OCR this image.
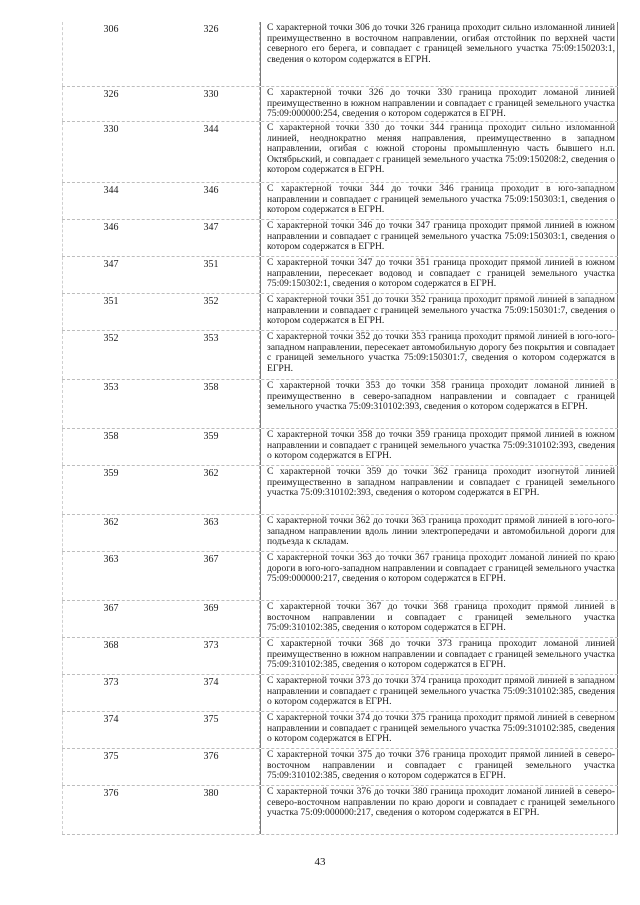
306	326	С характерной точки 306 до точки 326 граница проходит сильно изломанной линией преимущественно в восточном направлении, огибая отстойник по верхней части северного его берега, и совпадает с границей земельного участка 75:09:150203:1, сведения о котором содержатся в ЕГРН.
326	330	С характерной точки 326 до точки 330 граница проходит ломаной линией преимущественно в южном направлении и совпадает с границей земельного участка 75:09:000000:254, сведения о котором содержатся в ЕГРН.
330	344	С характерной точки 330 до точки 344 граница проходит сильно изломанной линией, неоднократно меняя направления, преимущественно в западном направлении, огибая с южной стороны промышленную часть бывшего н.п. Октябрьский, и совпадает с границей земельного участка 75:09:150208:2, сведения о котором содержатся в ЕГРН.
344	346	С характерной точки 344 до точки 346 граница проходит в юго-западном направлении и совпадает с границей земельного участка 75:09:150303:1, сведения о котором содержатся в ЕГРН.
346	347	С характерной точки 346 до точки 347 граница проходит прямой линией в южном направлении и совпадает с границей земельного участка 75:09:150303:1, сведения о котором содержатся в ЕГРН.
347	351	С характерной точки 347 до точки 351 граница проходит прямой линией в южном направлении, пересекает водовод и совпадает с границей земельного участка 75:09:150302:1, сведения о котором содержатся в ЕГРН.
351	352	С характерной точки 351 до точки 352 граница проходит прямой линией в западном направлении и совпадает с границей земельного участка 75:09:150301:7, сведения о котором содержатся в ЕГРН.
352	353	С характерной точки 352 до точки 353 граница проходит прямой линией в юго-юго-западном направлении, пересекает автомобильную дорогу без покрытия и совпадает с границей земельного участка 75:09:150301:7, сведения о котором содержатся в ЕГРН.
353	358	С характерной точки 353 до точки 358 граница проходит ломаной линией в преимущественно в северо-западном направлении и совпадает с границей земельного участка 75:09:310102:393, сведения о котором содержатся в ЕГРН.
358	359	С характерной точки 358 до точки 359 граница проходит прямой линией в южном направлении и совпадает с границей земельного участка 75:09:310102:393, сведения о котором содержатся в ЕГРН.
359	362	С характерной точки 359 до точки 362 граница проходит изогнутой линией преимущественно в западном направлении и совпадает с границей земельного участка 75:09:310102:393, сведения о котором содержатся в ЕГРН.
362	363	С характерной точки 362 до точки 363 граница проходит прямой линией в юго-юго-западном направлении вдоль линии электропередачи и автомобильной дороги для подъезда к складам.
363	367	С характерной точки 363 до точки 367 граница проходит ломаной линией по краю дороги в юго-юго-западном направлении и совпадает с границей земельного участка 75:09:000000:217, сведения о котором содержатся в ЕГРН.
367	369	С характерной точки 367 до точки 368 граница проходит прямой линией в восточном направлении и совпадает с границей земельного участка 75:09:310102:385, сведения о котором содержатся в ЕГРН.
368	373	С характерной точки 368 до точки 373 граница проходит ломаной линией преимущественно в южном направлении и совпадает с границей земельного участка 75:09:310102:385, сведения о котором содержатся в ЕГРН.
373	374	С характерной точки 373 до точки 374 граница проходит прямой линией в западном направлении и совпадает с границей земельного участка 75:09:310102:385, сведения о котором содержатся в ЕГРН.
374	375	С характерной точки 374 до точки 375 граница проходит прямой линией в северном направлении и совпадает с границей земельного участка 75:09:310102:385, сведения о котором содержатся в ЕГРН.
375	376	С характерной точки 375 до точки 376 граница проходит прямой линией в северо-восточном направлении и совпадает с границей земельного участка 75:09:310102:385, сведения о котором содержатся в ЕГРН.
376	380	С характерной точки 376 до точки 380 граница проходит ломаной линией в северо-северо-восточном направлении по краю дороги и совпадает с границей земельного участка 75:09:000000:217, сведения о котором содержатся в ЕГРН.
43
